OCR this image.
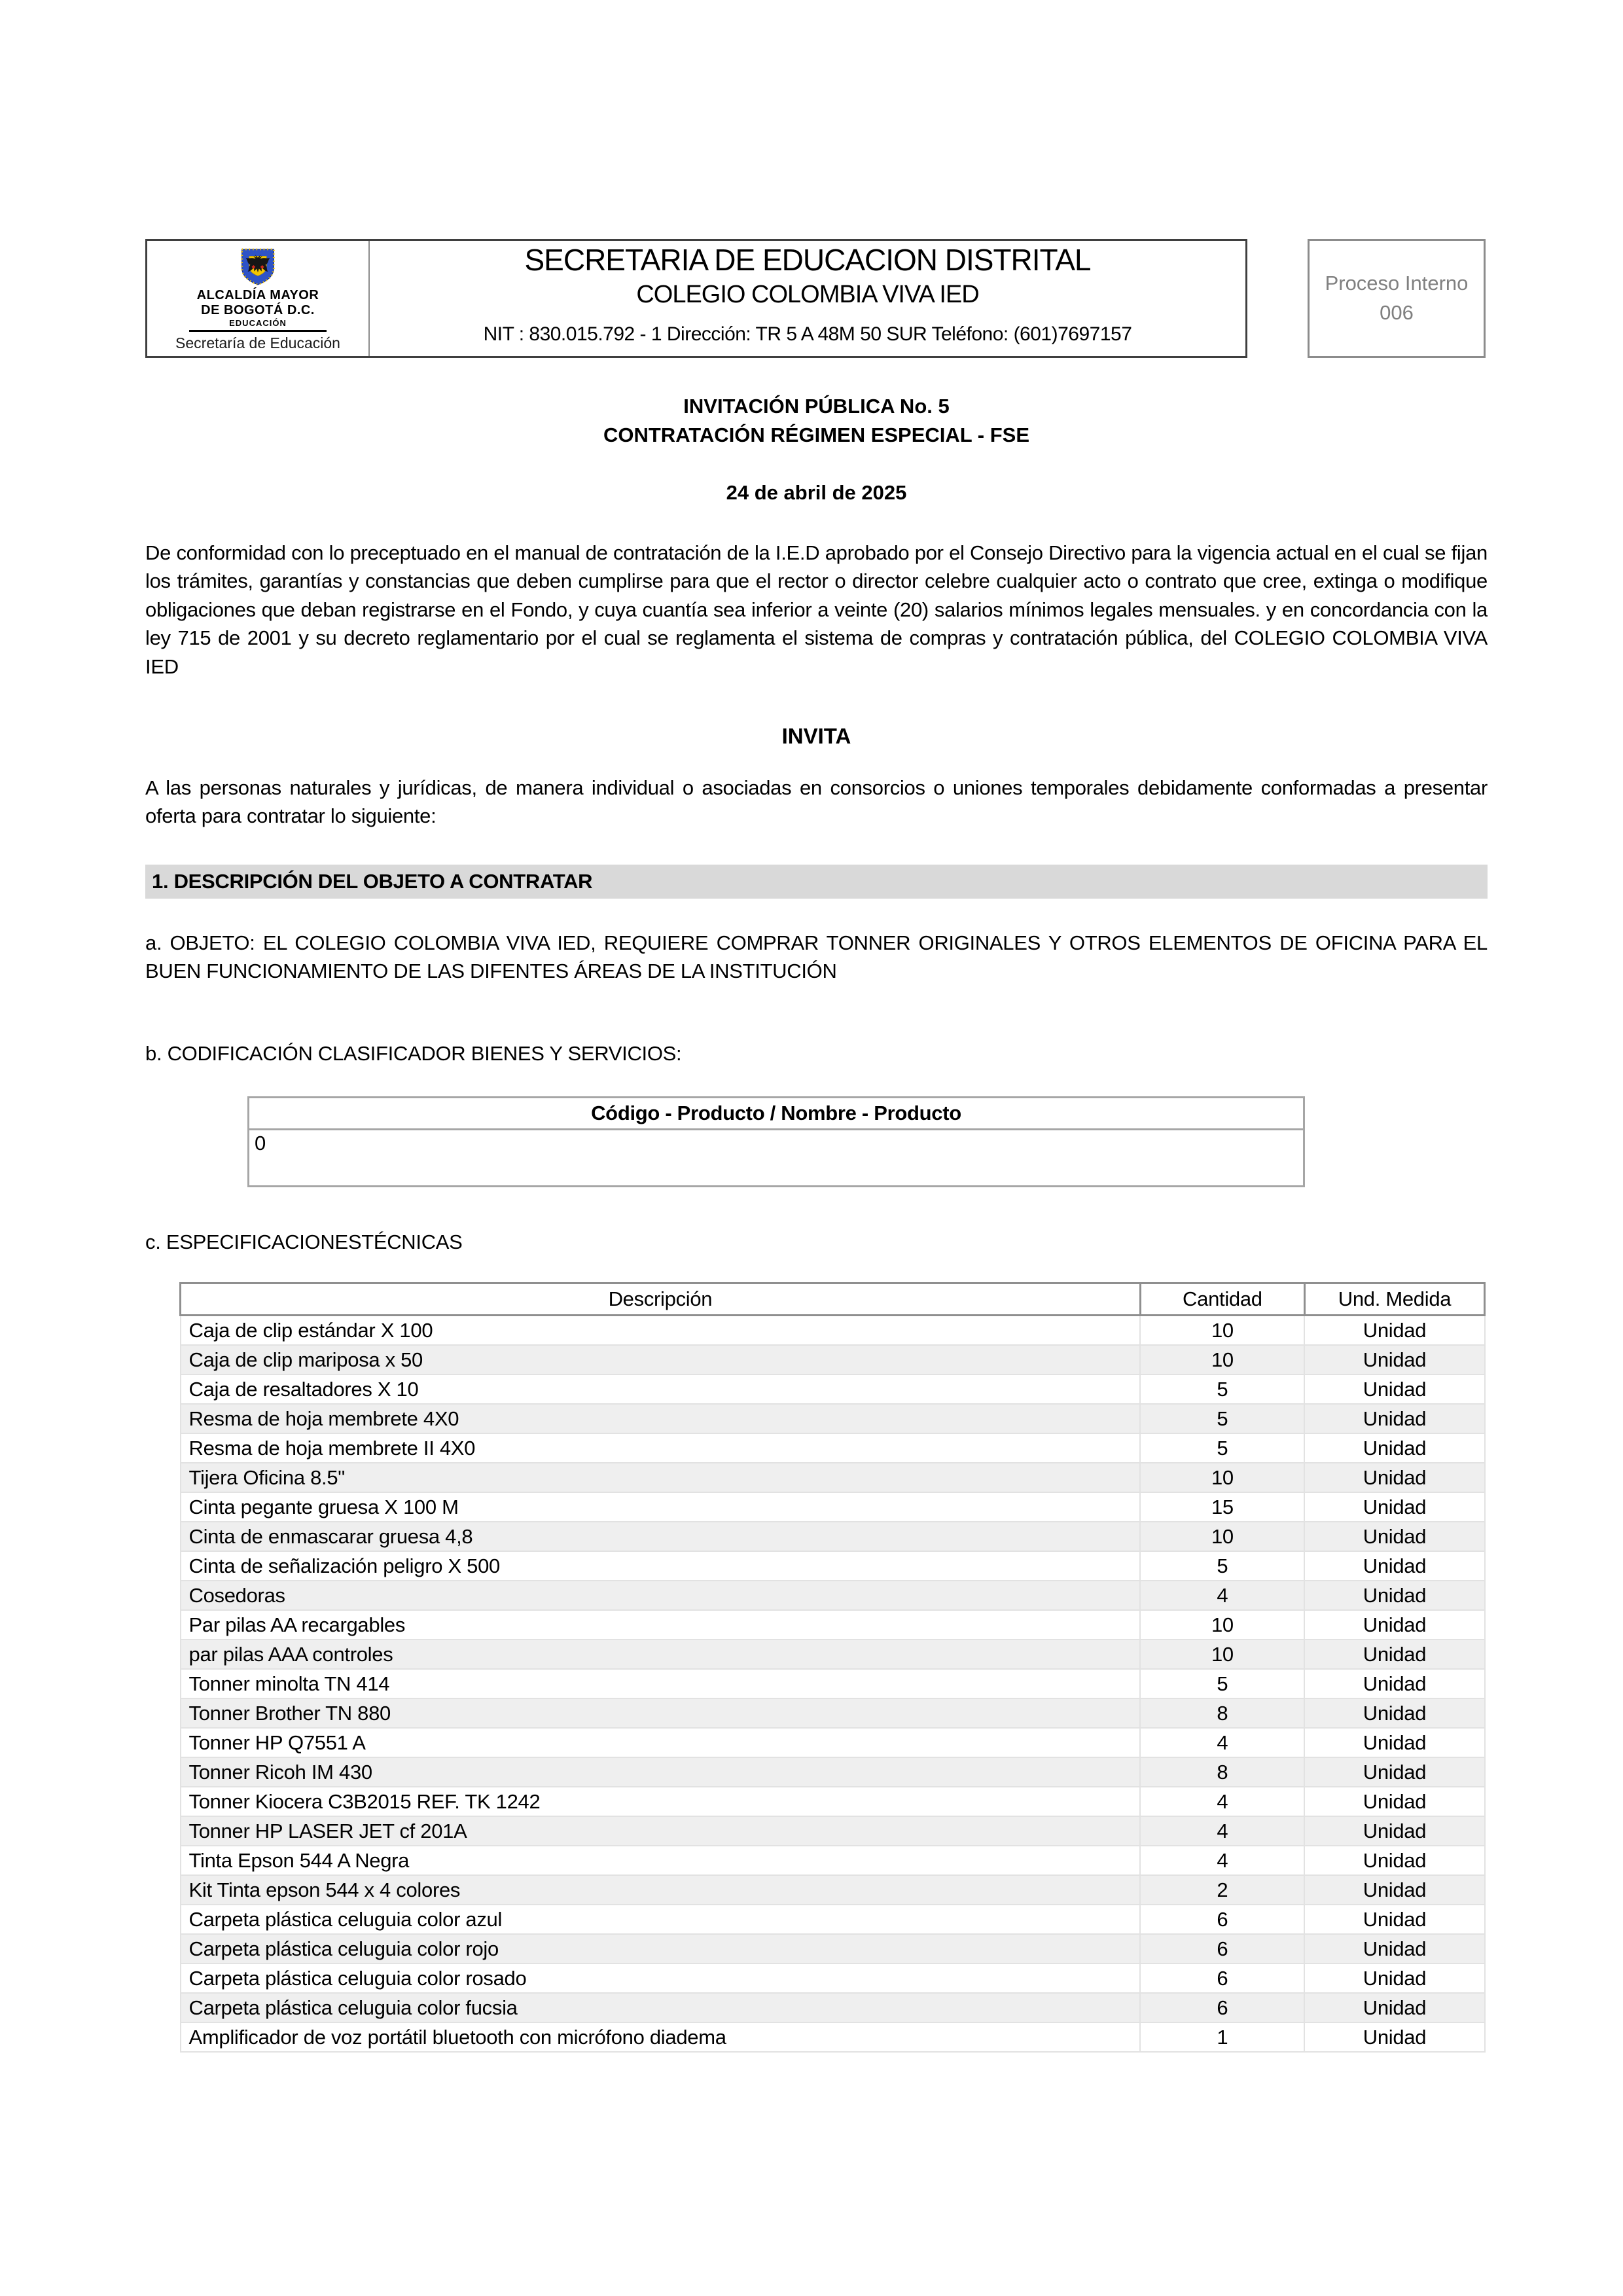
ALCALDÍA MAYOR
DE BOGOTÁ D.C.
EDUCACIÓN
Secretaría de Educación
SECRETARIA DE EDUCACION DISTRITAL
COLEGIO COLOMBIA VIVA IED
NIT : 830.015.792 - 1 Dirección: TR 5 A 48M 50 SUR Teléfono: (601)7697157
Proceso Interno
006
INVITACIÓN PÚBLICA No. 5
CONTRATACIÓN RÉGIMEN ESPECIAL - FSE
24 de abril de 2025

De conformidad con lo preceptuado en el manual de contratación de la I.E.D aprobado por el Consejo Directivo para la vigencia actual en el cual se fijan los trámites, garantías y constancias que deben cumplirse para que el rector o director celebre cualquier acto o contrato que cree, extinga o modifique obligaciones que deban registrarse en el Fondo, y cuya cuantía sea inferior a veinte (20) salarios mínimos legales mensuales. y en concordancia con la ley 715 de 2001 y su decreto reglamentario por el cual se reglamenta el sistema de compras y contratación pública, del COLEGIO COLOMBIA VIVA IED

INVITA

A las personas naturales y jurídicas, de manera individual o asociadas en consorcios o uniones temporales debidamente conformadas a presentar oferta para contratar lo siguiente:

1. DESCRIPCIÓN DEL OBJETO A CONTRATAR

a. OBJETO: EL COLEGIO COLOMBIA VIVA IED, REQUIERE COMPRAR TONNER ORIGINALES Y OTROS ELEMENTOS DE OFICINA PARA EL BUEN FUNCIONAMIENTO DE LAS DIFENTES ÁREAS DE LA INSTITUCIÓN

b. CODIFICACIÓN CLASIFICADOR BIENES Y SERVICIOS:
Código - Producto / Nombre - Producto
0
c. ESPECIFICACIONESTÉCNICAS
Descripción	Cantidad	Und. Medida
Caja de clip estándar X 100	10	Unidad
Caja de clip mariposa x 50	10	Unidad
Caja de resaltadores X 10	5	Unidad
Resma de hoja membrete 4X0	5	Unidad
Resma de hoja membrete II 4X0	5	Unidad
Tijera Oficina 8.5"	10	Unidad
Cinta pegante gruesa X 100 M	15	Unidad
Cinta de enmascarar gruesa 4,8	10	Unidad
Cinta de señalización peligro X 500	5	Unidad
Cosedoras	4	Unidad
Par pilas AA recargables	10	Unidad
par pilas AAA controles	10	Unidad
Tonner minolta TN 414	5	Unidad
Tonner Brother TN 880	8	Unidad
Tonner HP Q7551 A	4	Unidad
Tonner Ricoh IM 430	8	Unidad
Tonner Kiocera C3B2015 REF. TK 1242	4	Unidad
Tonner HP LASER JET cf 201A	4	Unidad
Tinta Epson 544 A Negra	4	Unidad
Kit Tinta epson 544 x 4 colores	2	Unidad
Carpeta plástica celuguia color azul	6	Unidad
Carpeta plástica celuguia color rojo	6	Unidad
Carpeta plástica celuguia color rosado	6	Unidad
Carpeta plástica celuguia color fucsia	6	Unidad
Amplificador de voz portátil bluetooth con micrófono diadema	1	Unidad
